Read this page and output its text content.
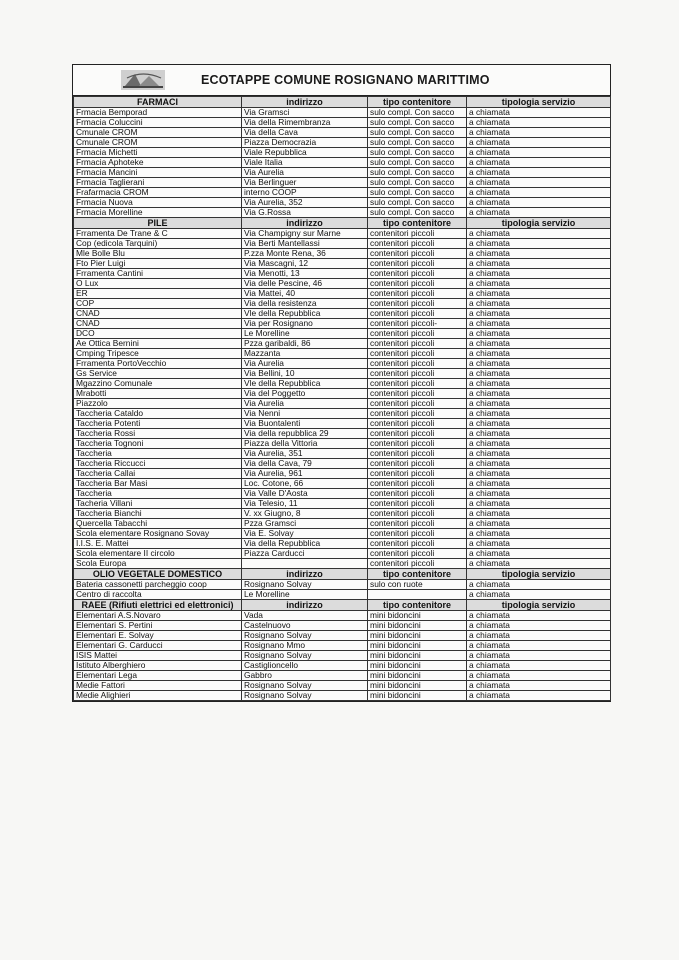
ECOTAPPE COMUNE ROSIGNANO MARITTIMO
FARMACI	indirizzo	tipo contenitore	tipologia servizio
Frmacia Bemporad	Via Gramsci	sulo compl. Con sacco	a chiamata
Frmacia Coluccini	Via della Rimembranza	sulo compl. Con sacco	a chiamata
Cmunale CROM	Via della Cava	sulo compl. Con sacco	a chiamata
Cmunale CROM	Piazza Democrazia	sulo compl. Con sacco	a chiamata
Frmacia Michetti	Viale Repubblica	sulo compl. Con sacco	a chiamata
Frmacia Aphoteke	Viale Italia	sulo compl. Con sacco	a chiamata
Frmacia Mancini	Via Aurelia	sulo compl. Con sacco	a chiamata
Frmacia Taglierani	Via Berlinguer	sulo compl. Con sacco	a chiamata
Frafarmacia CROM	interno COOP	sulo compl. Con sacco	a chiamata
Frmacia Nuova	Via Aurelia, 352	sulo compl. Con sacco	a chiamata
Frmacia Morelline	Via G.Rossa	sulo compl. Con sacco	a chiamata
PILE	indirizzo	tipo contenitore	tipologia servizio
Frramenta De Trane & C	Via Champigny sur Marne	contenitori piccoli	a chiamata
Cop (edicola Tarquini)	Via Berti Mantellassi	contenitori piccoli	a chiamata
Mle Bolle Blu	P.zza Monte Rena, 36	contenitori piccoli	a chiamata
Fto Pier Luigi	Via Mascagni, 12	contenitori piccoli	a chiamata
Frramenta Cantini	Via Menotti, 13	contenitori piccoli	a chiamata
O Lux	Via delle Pescine, 46	contenitori piccoli	a chiamata
ER	Via Mattei, 40	contenitori piccoli	a chiamata
COP	Via della resistenza	contenitori piccoli	a chiamata
CNAD	Vle della Repubblica	contenitori piccoli	a chiamata
CNAD	Via per Rosignano	contenitori piccoli-	a chiamata
DCO	Le Morelline	contenitori piccoli	a chiamata
Ae Ottica Bernini	Pzza garibaldi, 86	contenitori piccoli	a chiamata
Cmping Tripesce	Mazzanta	contenitori piccoli	a chiamata
Frramenta PortoVecchio	Via Aurelia	contenitori piccoli	a chiamata
Gs Service	Via Bellini, 10	contenitori piccoli	a chiamata
Mgazzino Comunale	Vle della Repubblica	contenitori piccoli	a chiamata
Mrabotti	Via del Poggetto	contenitori piccoli	a chiamata
Piazzolo	Via Aurelia	contenitori piccoli	a chiamata
Taccheria Cataldo	Via Nenni	contenitori piccoli	a chiamata
Taccheria Potenti	Via Buontalenti	contenitori piccoli	a chiamata
Taccheria Rossi	Via della repubblica 29	contenitori piccoli	a chiamata
Taccheria Tognoni	Piazza della Vittoria	contenitori piccoli	a chiamata
Taccheria	Via Aurelia, 351	contenitori piccoli	a chiamata
Taccheria Riccucci	Via della Cava, 79	contenitori piccoli	a chiamata
Taccheria Callai	Via Aurelia, 961	contenitori piccoli	a chiamata
Taccheria Bar Masi	Loc. Cotone, 66	contenitori piccoli	a chiamata
Taccheria	Via Valle D'Aosta	contenitori piccoli	a chiamata
Tacheria Villani	Via Telesio, 11	contenitori piccoli	a chiamata
Taccheria Bianchi	V. xx Giugno, 8	contenitori piccoli	a chiamata
Quercella Tabacchi	Pzza Gramsci	contenitori piccoli	a chiamata
Scola elementare Rosignano Sovay	Via E. Solvay	contenitori piccoli	a chiamata
I.I.S. E. Mattei	Via della Repubblica	contenitori piccoli	a chiamata
Scola elementare II circolo	Piazza Carducci	contenitori piccoli	a chiamata
Scola Europa		contenitori piccoli	a chiamata
OLIO VEGETALE DOMESTICO	indirizzo	tipo contenitore	tipologia servizio
Bateria cassonetti parcheggio coop	Rosignano Solvay	sulo con ruote	a chiamata
Centro di raccolta	Le Morelline		a chiamata
RAEE (Rifiuti elettrici ed elettronici)	indirizzo	tipo contenitore	tipologia servizio
Elementari A.S.Novaro	Vada	mini bidoncini	a chiamata
Elementari S. Pertini	Castelnuovo	mini bidoncini	a chiamata
Elementari E. Solvay	Rosignano Solvay	mini bidoncini	a chiamata
Elementari G. Carducci	Rosignano Mmo	mini bidoncini	a chiamata
ISIS Mattei	Rosignano Solvay	mini bidoncini	a chiamata
Istituto Alberghiero	Castiglioncello	mini bidoncini	a chiamata
Elementari Lega	Gabbro	mini bidoncini	a chiamata
Medie Fattori	Rosignano Solvay	mini bidoncini	a chiamata
Medie Alighieri	Rosignano Solvay	mini bidoncini	a chiamata
